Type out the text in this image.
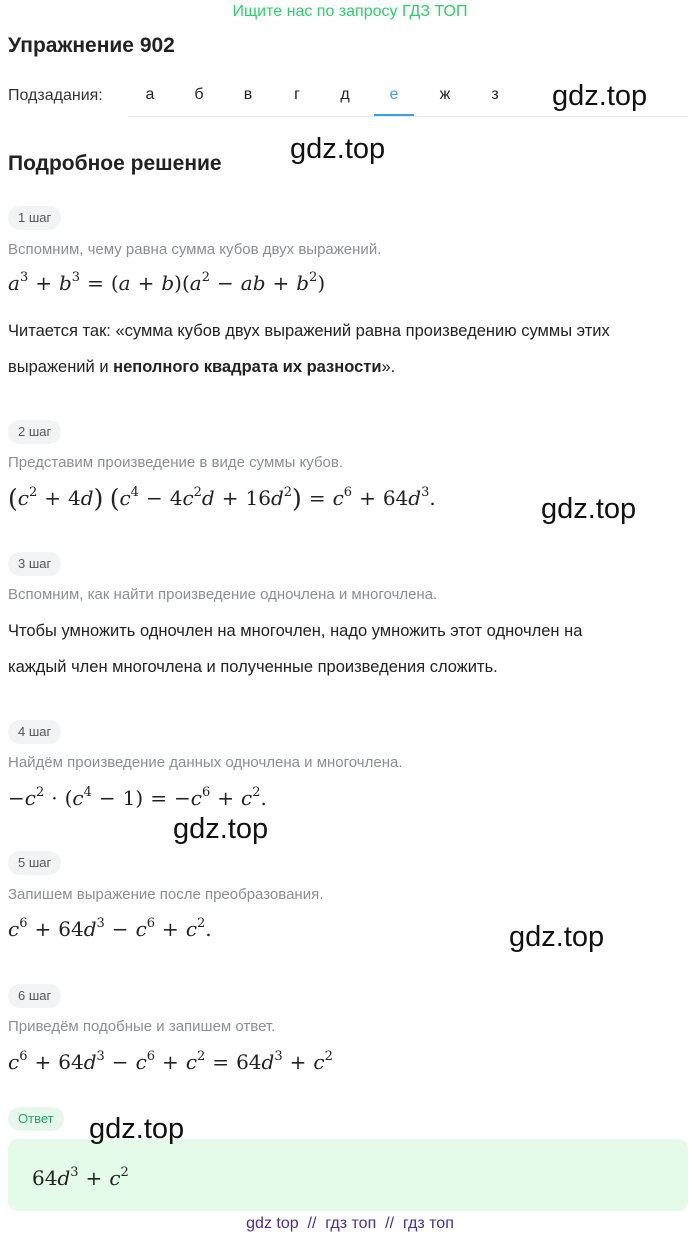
Ищите нас по запросу ГДЗ ТОП
Упражнение 902
Подзадания:	а	б	в	г	д	е	ж	з
Подробное решение
1 шаг
Вспомним, чему равна сумма кубов двух выражений.
$a^3 + b^3 = (a + b)(a^2$ − ab + $b^2$)
Читается так: «сумма кубов двух выражений равна произведению суммы этих
выражений и неполного квадрата их разности».
2 шаг
Представим произведение в виде суммы кубов.
$(c^2 + 4d) (c^4 - 4c^2d + 16d^2) = c^6 + 64d^3$.
3 шаг
Вспомним, как найти произведение одночлена и многочлена.
Чтобы умножить одночлен на многочлен, надо умножить этот одночлен на
каждый член многочлена и полученные произведения сложить.
4 шаг
Найдём произведение данных одночлена и многочлена.
$-c^2 \cdot (c^4 - 1) = -c^6 + c^2$.
5 шаг
Запишем выражение после преобразования.
$c^6 + 64d^3 - c^6 + c^2$.
6 шаг
Приведём подобные и запишем ответ.
$c^6 + 64d^3 - c^6 + c^2 = 64d^3 + c^2$
Ответ
$64d^3 + c^2$
gdz.top
gdz.top
gdz.top
gdz.top
gdz.top
gdz.top
gdz top  //  гдз топ  //  гдз топ
